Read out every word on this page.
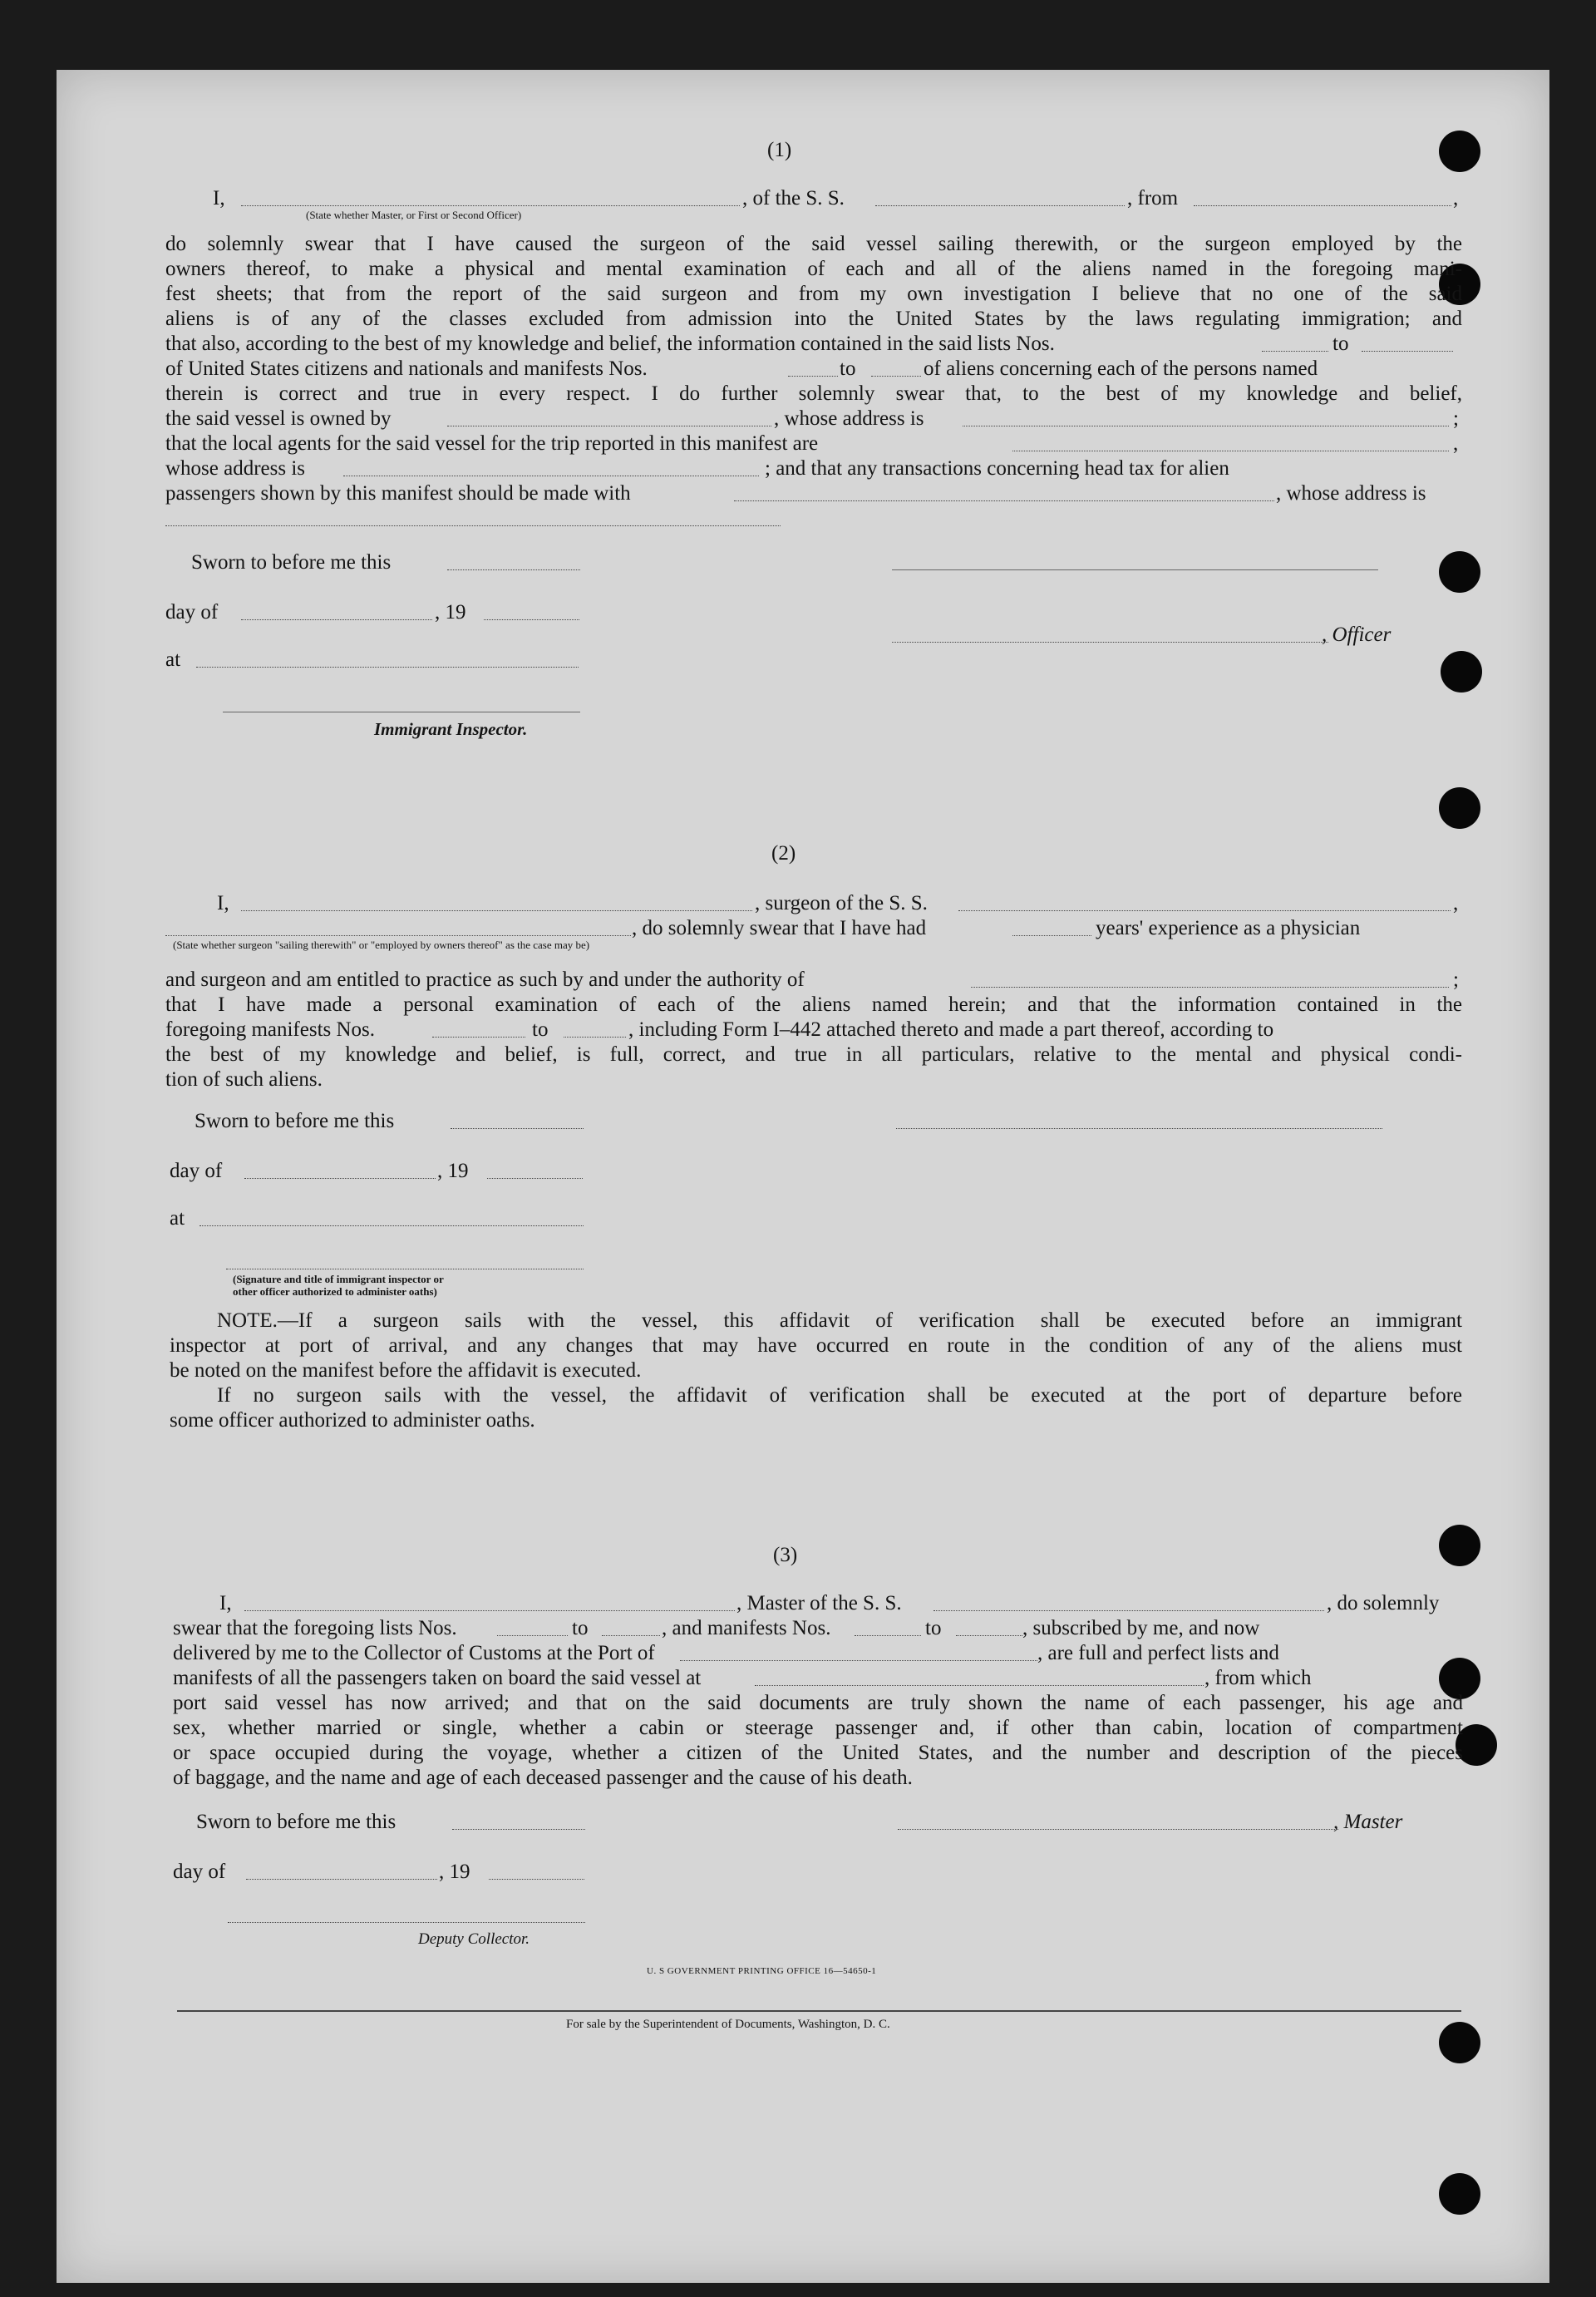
(1)
I,
(State whether Master, or First or Second Officer)
, of the S. S.	, from	,
do solemnly swear that I have caused the surgeon of the said vessel sailing therewith, or the surgeon employed by the
owners thereof, to make a physical and mental examination of each and all of the aliens named in the foregoing mani-
fest sheets; that from the report of the said surgeon and from my own investigation I believe that no one of the said
aliens is of any of the classes excluded from admission into the United States by the laws regulating immigration; and
that also, according to the best of my knowledge and belief, the information contained in the said lists Nos.	to
of United States citizens and nationals and manifests Nos.	to	of aliens concerning each of the persons named
therein is correct and true in every respect. I do further solemnly swear that, to the best of my knowledge and belief,
the said vessel is owned by	, whose address is	;
that the local agents for the said vessel for the trip reported in this manifest are	,
whose address is	; and that any transactions concerning head tax for alien
passengers shown by this manifest should be made with	, whose address is
Sworn to before me this
day of	, 19
, Officer
at
Immigrant Inspector.
(2)
I,	, surgeon of the S. S.	,
, do solemnly swear that I have had	years' experience as a physician
(State whether surgeon "sailing therewith" or "employed by owners thereof" as the case may be)
and surgeon and am entitled to practice as such by and under the authority of	;
that I have made a personal examination of each of the aliens named herein; and that the information contained in the
foregoing manifests Nos.	to	, including Form I–442 attached thereto and made a part thereof, according to
the best of my knowledge and belief, is full, correct, and true in all particulars, relative to the mental and physical condi-
tion of such aliens.
Sworn to before me this
day of	, 19
at
(Signature and title of immigrant inspector or
other officer authorized to administer oaths)
NOTE.—If a surgeon sails with the vessel, this affidavit of verification shall be executed before an immigrant
inspector at port of arrival, and any changes that may have occurred en route in the condition of any of the aliens must
be noted on the manifest before the affidavit is executed.
If no surgeon sails with the vessel, the affidavit of verification shall be executed at the port of departure before
some officer authorized to administer oaths.
(3)
I,	, Master of the S. S.	, do solemnly
swear that the foregoing lists Nos.	to	, and manifests Nos.	to	, subscribed by me, and now
delivered by me to the Collector of Customs at the Port of	, are full and perfect lists and
manifests of all the passengers taken on board the said vessel at	, from which
port said vessel has now arrived; and that on the said documents are truly shown the name of each passenger, his age and
sex, whether married or single, whether a cabin or steerage passenger and, if other than cabin, location of compartment
or space occupied during the voyage, whether a citizen of the United States, and the number and description of the pieces
of baggage, and the name and age of each deceased passenger and the cause of his death.
Sworn to before me this	, Master
day of	, 19
Deputy Collector.
U. S GOVERNMENT PRINTING OFFICE 16—54650-1
For sale by the Superintendent of Documents, Washington, D. C.
